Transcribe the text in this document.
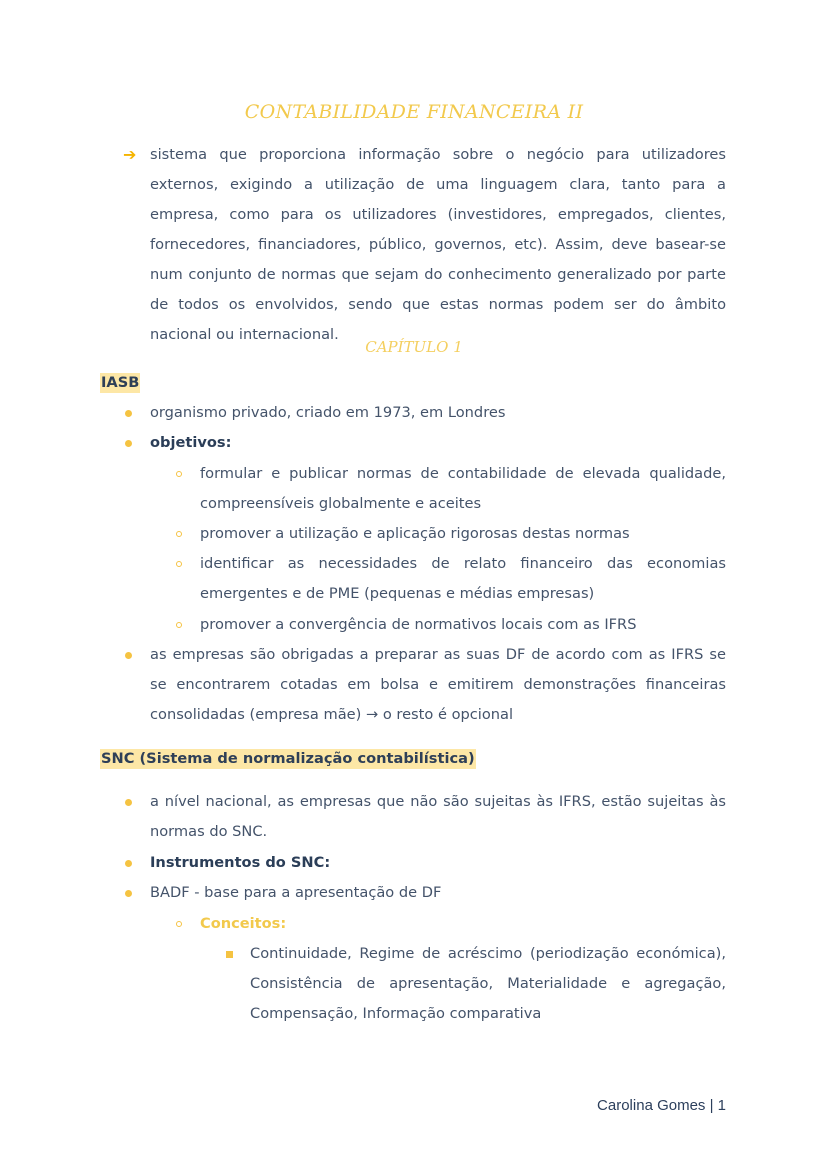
CONTABILIDADE FINANCEIRA II
➔ sistema que proporciona informação sobre o negócio para utilizadores externos, exigindo a utilização de uma linguagem clara, tanto para a empresa, como para os utilizadores (investidores, empregados, clientes, fornecedores, financiadores, público, governos, etc). Assim, deve basear-se num conjunto de normas que sejam do conhecimento generalizado por parte de todos os envolvidos, sendo que estas normas podem ser do âmbito nacional ou internacional.
CAPÍTULO 1
IASB
organismo privado, criado em 1973, em Londres
objetivos:
formular e publicar normas de contabilidade de elevada qualidade, compreensíveis globalmente e aceites
promover a utilização e aplicação rigorosas destas normas
identificar as necessidades de relato financeiro das economias emergentes e de PME (pequenas e médias empresas)
promover a convergência de normativos locais com as IFRS
as empresas são obrigadas a preparar as suas DF de acordo com as IFRS se se encontrarem cotadas em bolsa e emitirem demonstrações financeiras consolidadas (empresa mãe) → o resto é opcional
SNC (Sistema de normalização contabilística)
a nível nacional, as empresas que não são sujeitas às IFRS, estão sujeitas às normas do SNC.
Instrumentos do SNC:
BADF - base para a apresentação de DF
Conceitos:
Continuidade, Regime de acréscimo (periodização económica), Consistência de apresentação, Materialidade e agregação, Compensação, Informação comparativa
Carolina Gomes | 1
